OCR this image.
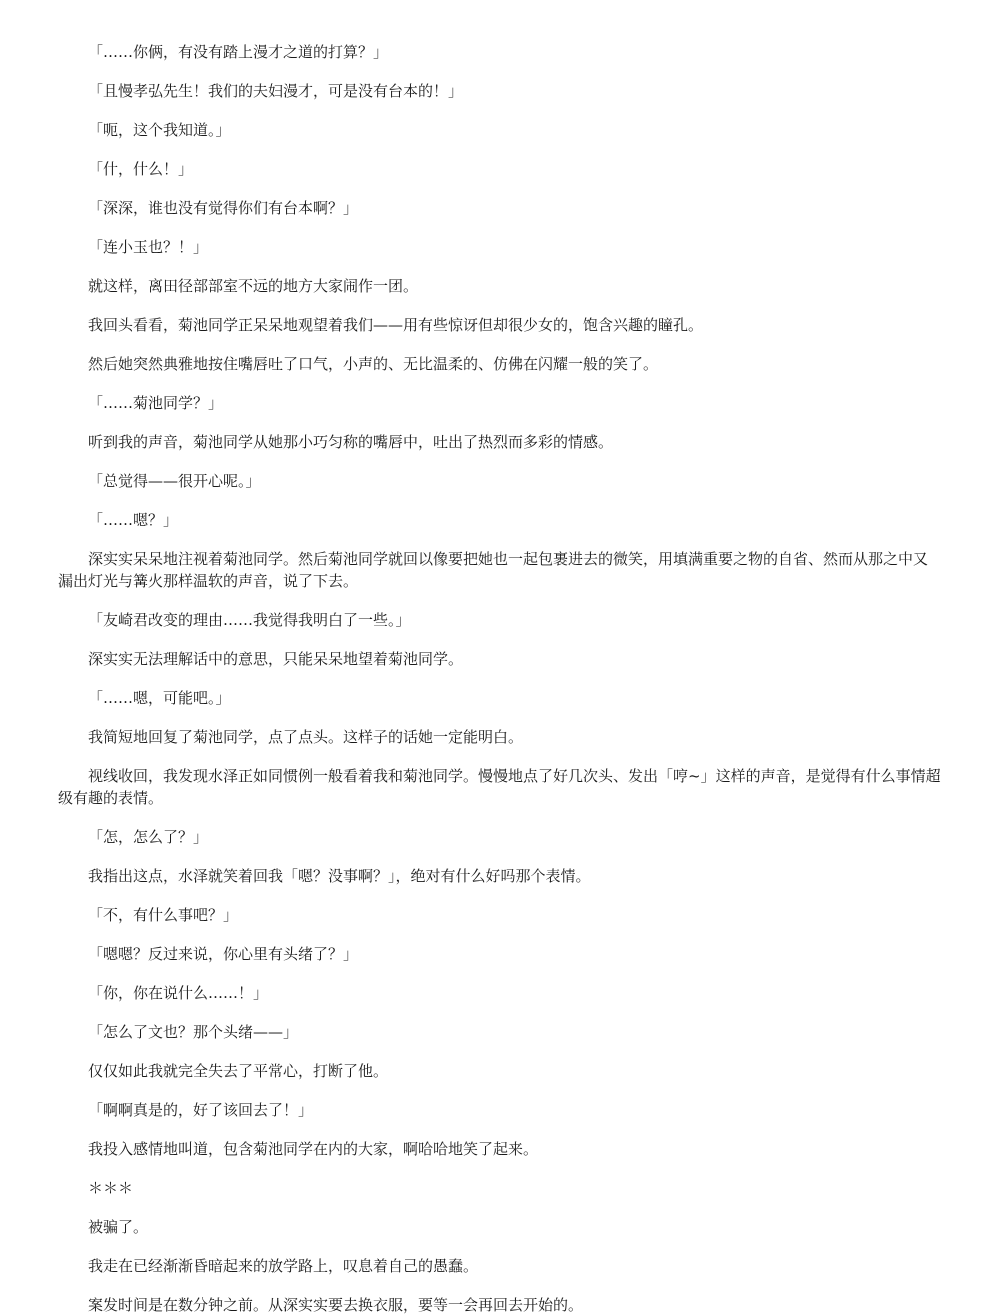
「……你俩，有没有踏上漫才之道的打算？」

「且慢孝弘先生！我们的夫妇漫才，可是没有台本的！」

「呃，这个我知道。」

「什，什么！」

「深深，谁也没有觉得你们有台本啊？」

「连小玉也？！」

就这样，离田径部部室不远的地方大家闹作一团。

我回头看看，菊池同学正呆呆地观望着我们——用有些惊讶但却很少女的，饱含兴趣的瞳孔。

然后她突然典雅地按住嘴唇吐了口气，小声的、无比温柔的、仿佛在闪耀一般的笑了。

「……菊池同学？」

听到我的声音，菊池同学从她那小巧匀称的嘴唇中，吐出了热烈而多彩的情感。

「总觉得——很开心呢。」

「……嗯？」

深实实呆呆地注视着菊池同学。然后菊池同学就回以像要把她也一起包裹进去的微笑，用填满重要之物的自省、然而从那之中又漏出灯光与篝火那样温软的声音，说了下去。

「友崎君改变的理由……我觉得我明白了一些。」

深实实无法理解话中的意思，只能呆呆地望着菊池同学。

「……嗯，可能吧。」

我简短地回复了菊池同学，点了点头。这样子的话她一定能明白。

视线收回，我发现水泽正如同惯例一般看着我和菊池同学。慢慢地点了好几次头、发出「哼~」这样的声音，是觉得有什么事情超级有趣的表情。

「怎，怎么了？」

我指出这点，水泽就笑着回我「嗯？没事啊？」，绝对有什么好吗那个表情。

「不，有什么事吧？」

「嗯嗯？反过来说，你心里有头绪了？」

「你，你在说什么……！」

「怎么了文也？那个头绪——」

仅仅如此我就完全失去了平常心，打断了他。

「啊啊真是的，好了该回去了！」

我投入感情地叫道，包含菊池同学在内的大家，啊哈哈地笑了起来。

＊＊＊

被骗了。

我走在已经渐渐昏暗起来的放学路上，叹息着自己的愚蠢。

案发时间是在数分钟之前。从深实实要去换衣服，要等一会再回去开始的。
